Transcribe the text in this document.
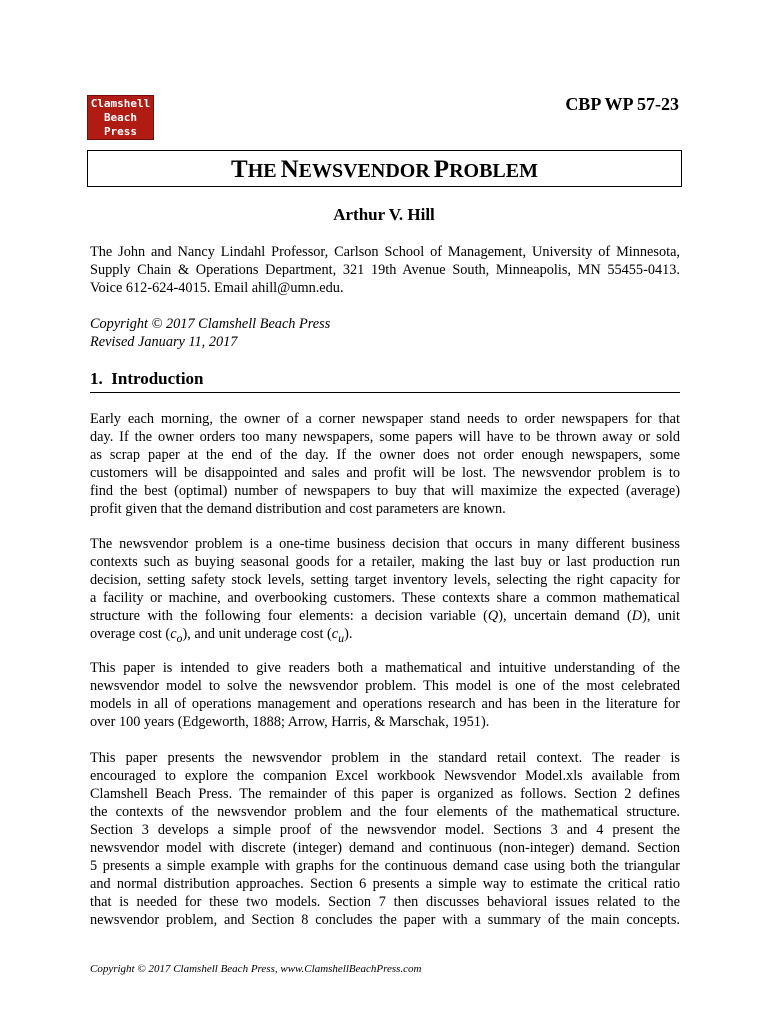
Clamshell
Beach
Press
CBP WP 57-23
THE NEWSVENDOR PROBLEM
Arthur V. Hill
The John and Nancy Lindahl Professor, Carlson School of Management, University of Minnesota,
Supply Chain & Operations Department, 321 19th Avenue South, Minneapolis, MN 55455-0413.
Voice 612-624-4015. Email ahill@umn.edu.
Copyright © 2017 Clamshell Beach Press
Revised January 11, 2017
1. Introduction
Early each morning, the owner of a corner newspaper stand needs to order newspapers for that
day. If the owner orders too many newspapers, some papers will have to be thrown away or sold
as scrap paper at the end of the day. If the owner does not order enough newspapers, some
customers will be disappointed and sales and profit will be lost. The newsvendor problem is to
find the best (optimal) number of newspapers to buy that will maximize the expected (average)
profit given that the demand distribution and cost parameters are known.
The newsvendor problem is a one-time business decision that occurs in many different business
contexts such as buying seasonal goods for a retailer, making the last buy or last production run
decision, setting safety stock levels, setting target inventory levels, selecting the right capacity for
a facility or machine, and overbooking customers. These contexts share a common mathematical
structure with the following four elements: a decision variable (Q), uncertain demand (D), unit
overage cost $(c_o)$, and unit underage cost $(c_u)$.
This paper is intended to give readers both a mathematical and intuitive understanding of the
newsvendor model to solve the newsvendor problem. This model is one of the most celebrated
models in all of operations management and operations research and has been in the literature for
over 100 years (Edgeworth, 1888; Arrow, Harris, & Marschak, 1951).
This paper presents the newsvendor problem in the standard retail context. The reader is
encouraged to explore the companion Excel workbook Newsvendor Model.xls available from
Clamshell Beach Press. The remainder of this paper is organized as follows. Section 2 defines
the contexts of the newsvendor problem and the four elements of the mathematical structure.
Section 3 develops a simple proof of the newsvendor model. Sections 3 and 4 present the
newsvendor model with discrete (integer) demand and continuous (non-integer) demand. Section
5 presents a simple example with graphs for the continuous demand case using both the triangular
and normal distribution approaches. Section 6 presents a simple way to estimate the critical ratio
that is needed for these two models. Section 7 then discusses behavioral issues related to the
newsvendor problem, and Section 8 concludes the paper with a summary of the main concepts.
Copyright © 2017 Clamshell Beach Press, www.ClamshellBeachPress.com
